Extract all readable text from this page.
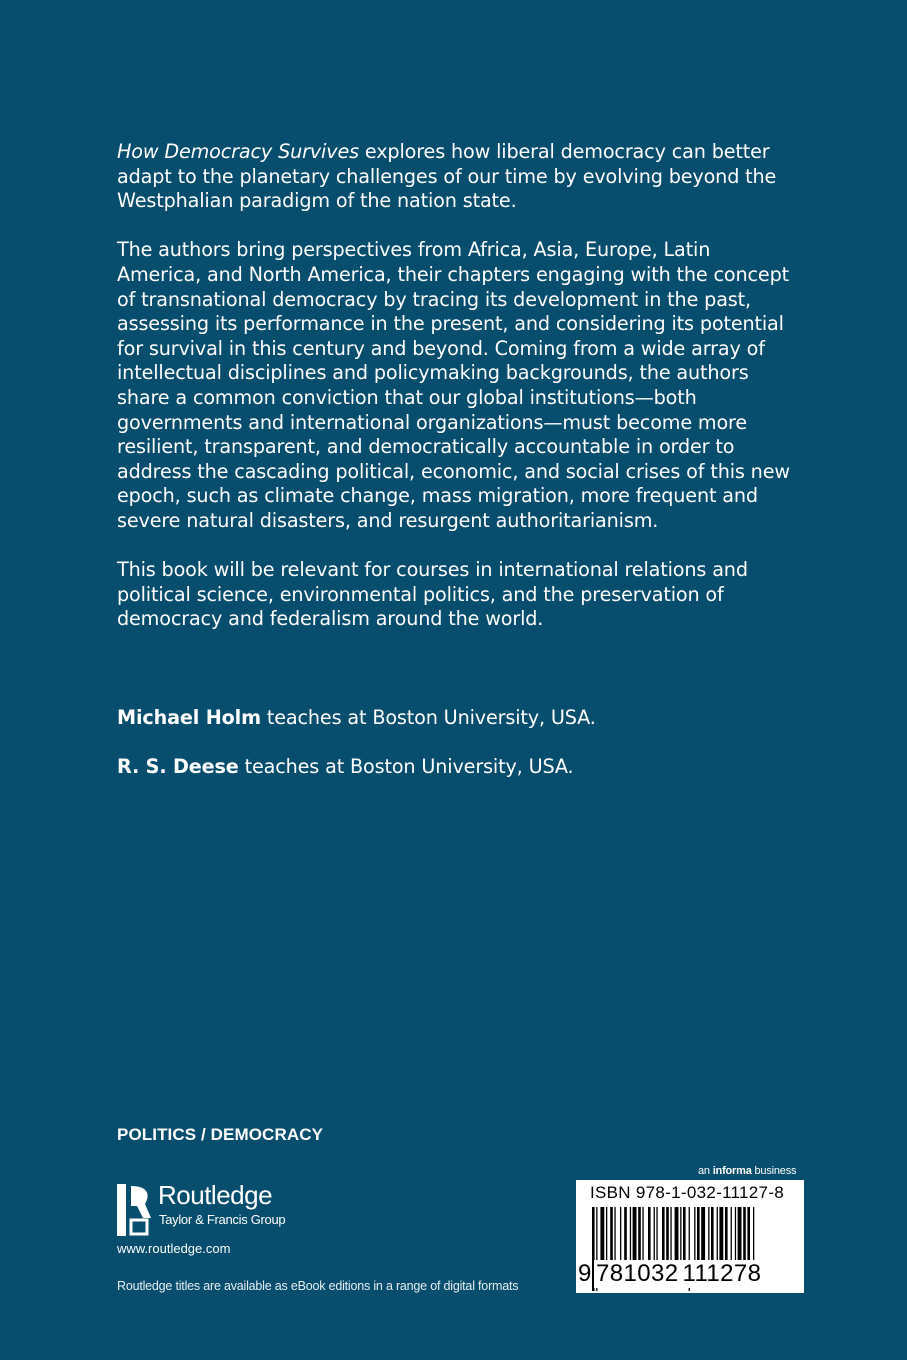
How Democracy Survives explores how liberal democracy can better adapt to the planetary challenges of our time by evolving beyond the Westphalian paradigm of the nation state.

The authors bring perspectives from Africa, Asia, Europe, Latin America, and North America, their chapters engaging with the concept of transnational democracy by tracing its development in the past, assessing its performance in the present, and considering its potential for survival in this century and beyond. Coming from a wide array of intellectual disciplines and policymaking backgrounds, the authors share a common conviction that our global institutions—both governments and international organizations—must become more resilient, transparent, and democratically accountable in order to address the cascading political, economic, and social crises of this new epoch, such as climate change, mass migration, more frequent and severe natural disasters, and resurgent authoritarianism.

This book will be relevant for courses in international relations and political science, environmental politics, and the preservation of democracy and federalism around the world.

Michael Holm teaches at Boston University, USA.

R. S. Deese teaches at Boston University, USA.

POLITICS / DEMOCRACY
Routledge
Taylor & Francis Group
www.routledge.com
Routledge titles are available as eBook editions in a range of digital formats
an informa business
ISBN 978-1-032-11127-8
9 781032 111278
